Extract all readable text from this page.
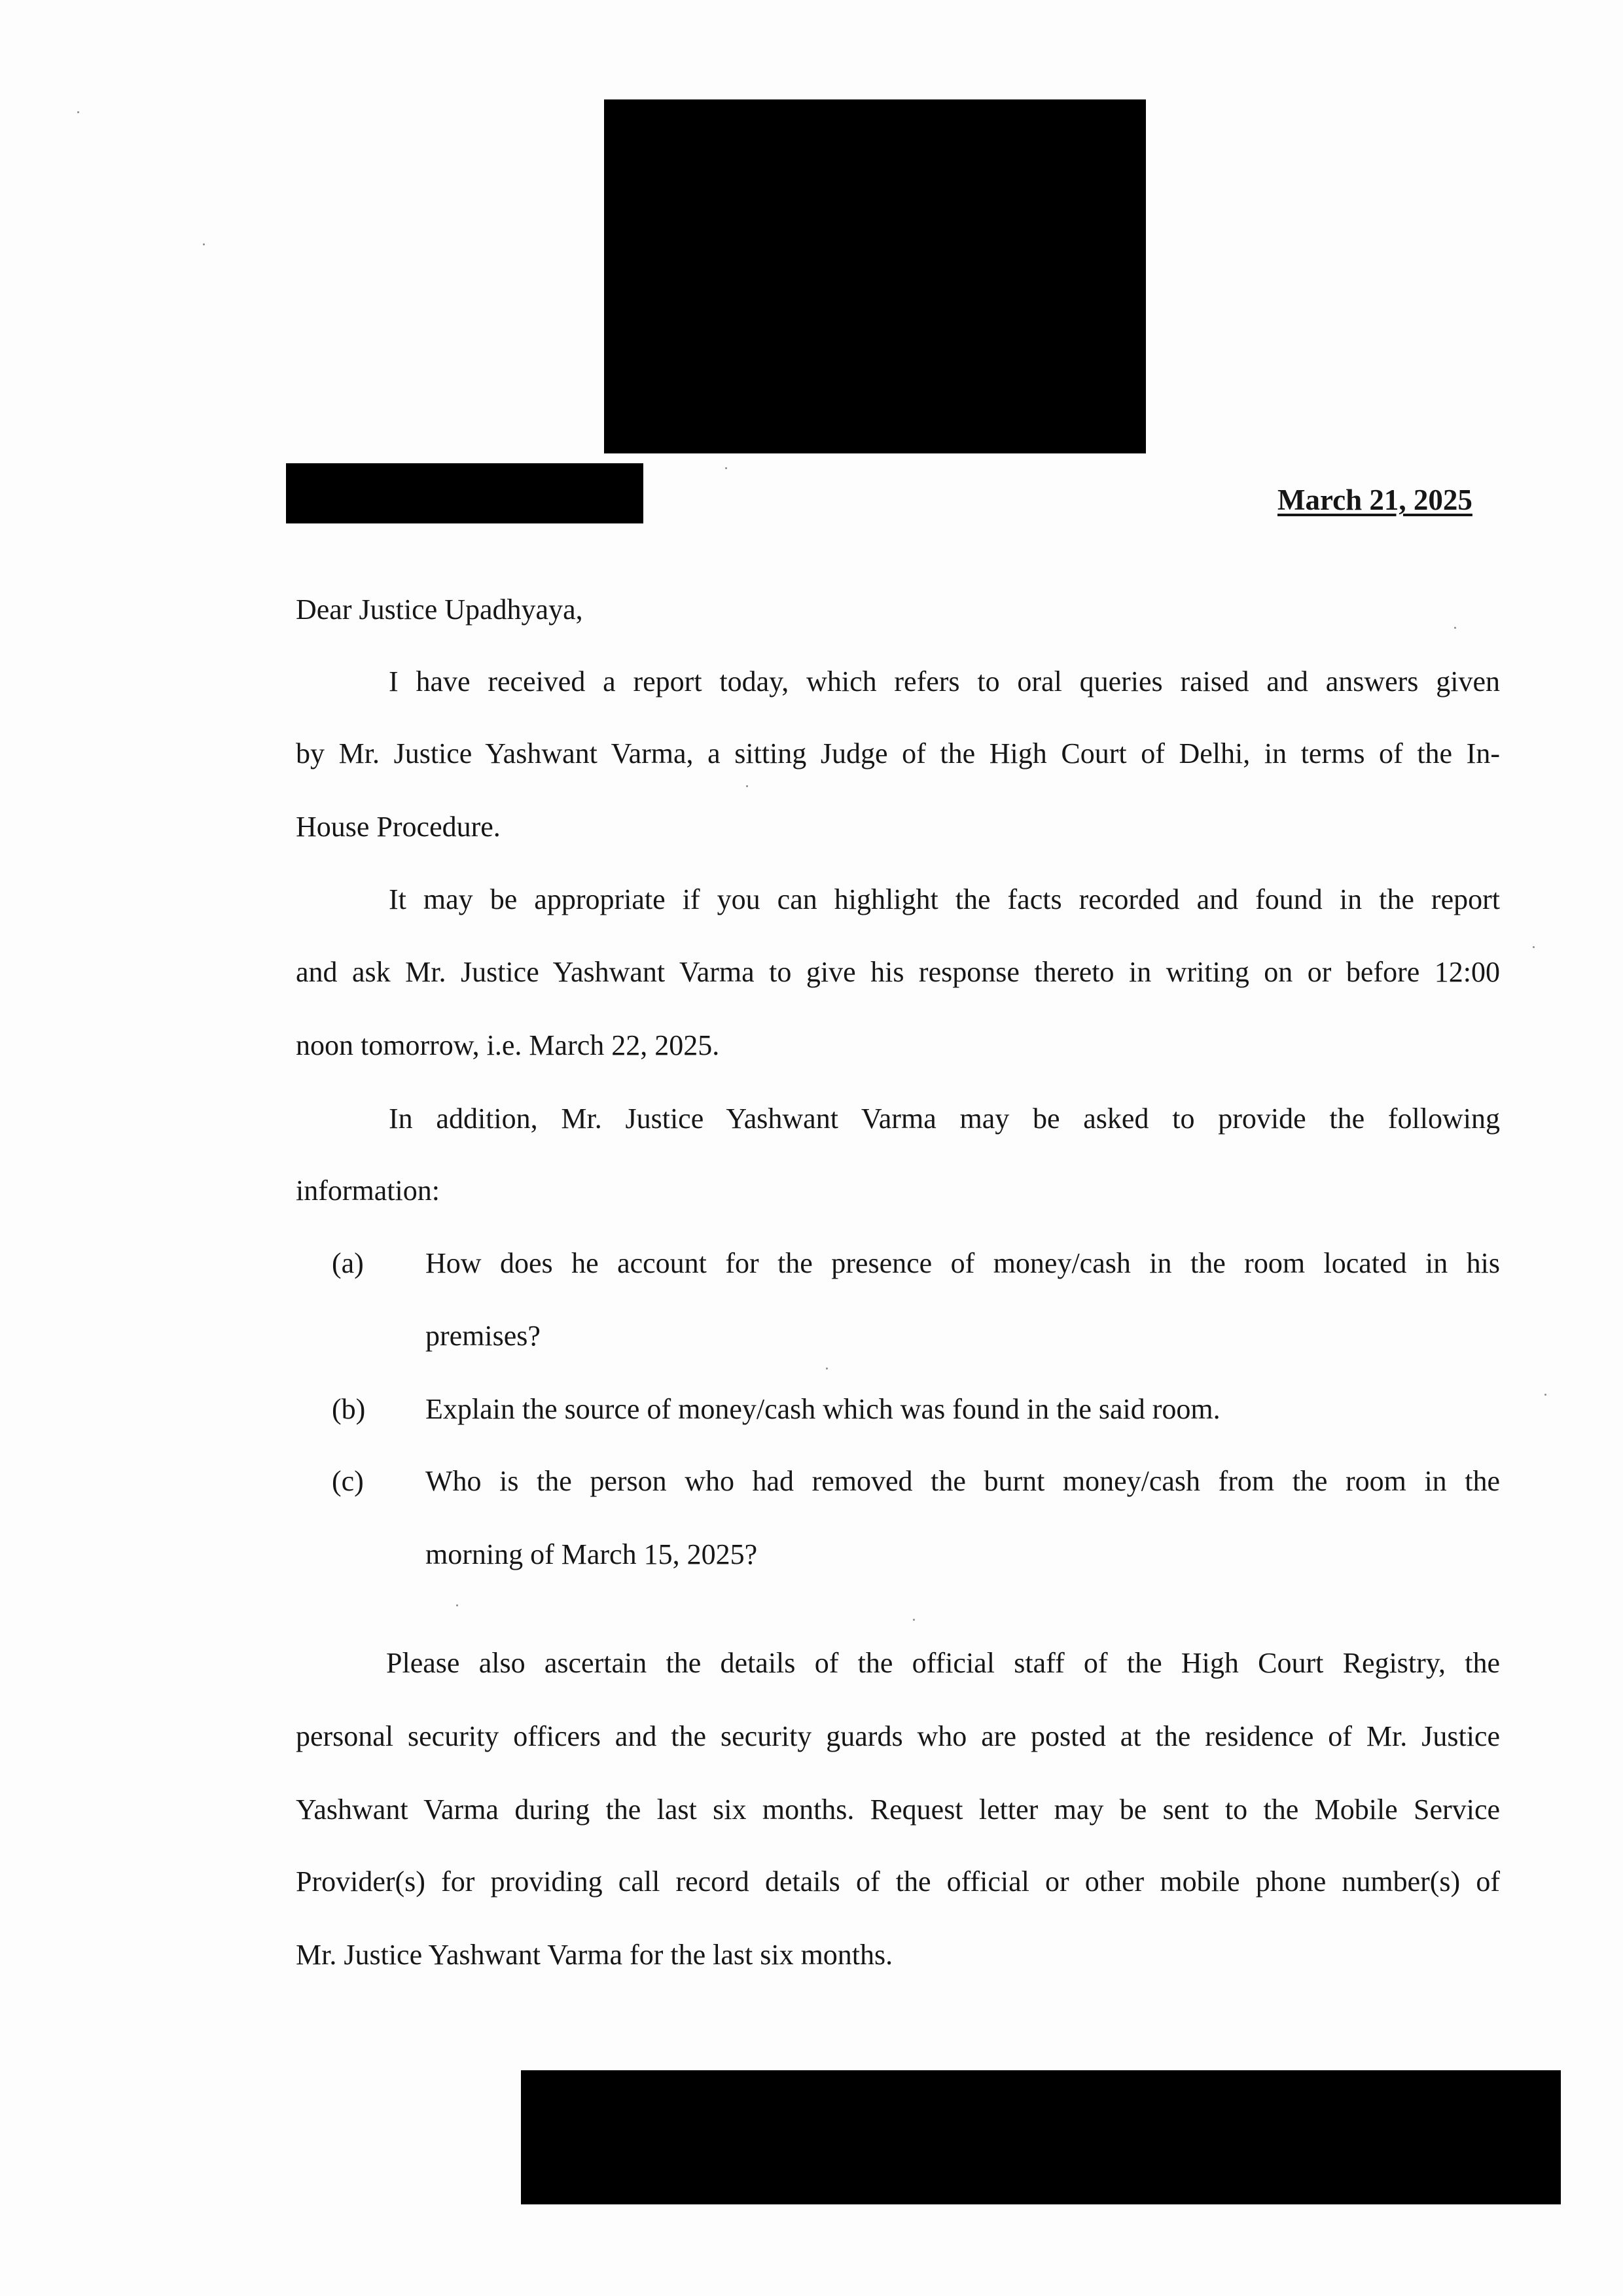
March 21, 2025
Dear Justice Upadhyaya,
I have received a report today, which refers to oral queries raised and answers given
by Mr. Justice Yashwant Varma, a sitting Judge of the High Court of Delhi, in terms of the In-
House Procedure.
It may be appropriate if you can highlight the facts recorded and found in the report
and ask Mr. Justice Yashwant Varma to give his response thereto in writing on or before 12:00
noon tomorrow, i.e. March 22, 2025.
In addition, Mr. Justice Yashwant Varma may be asked to provide the following
information:
(a) How does he account for the presence of money/cash in the room located in his
premises?
(b) Explain the source of money/cash which was found in the said room.
(c) Who is the person who had removed the burnt money/cash from the room in the
morning of March 15, 2025?
Please also ascertain the details of the official staff of the High Court Registry, the
personal security officers and the security guards who are posted at the residence of Mr. Justice
Yashwant Varma during the last six months. Request letter may be sent to the Mobile Service
Provider(s) for providing call record details of the official or other mobile phone number(s) of
Mr. Justice Yashwant Varma for the last six months.
